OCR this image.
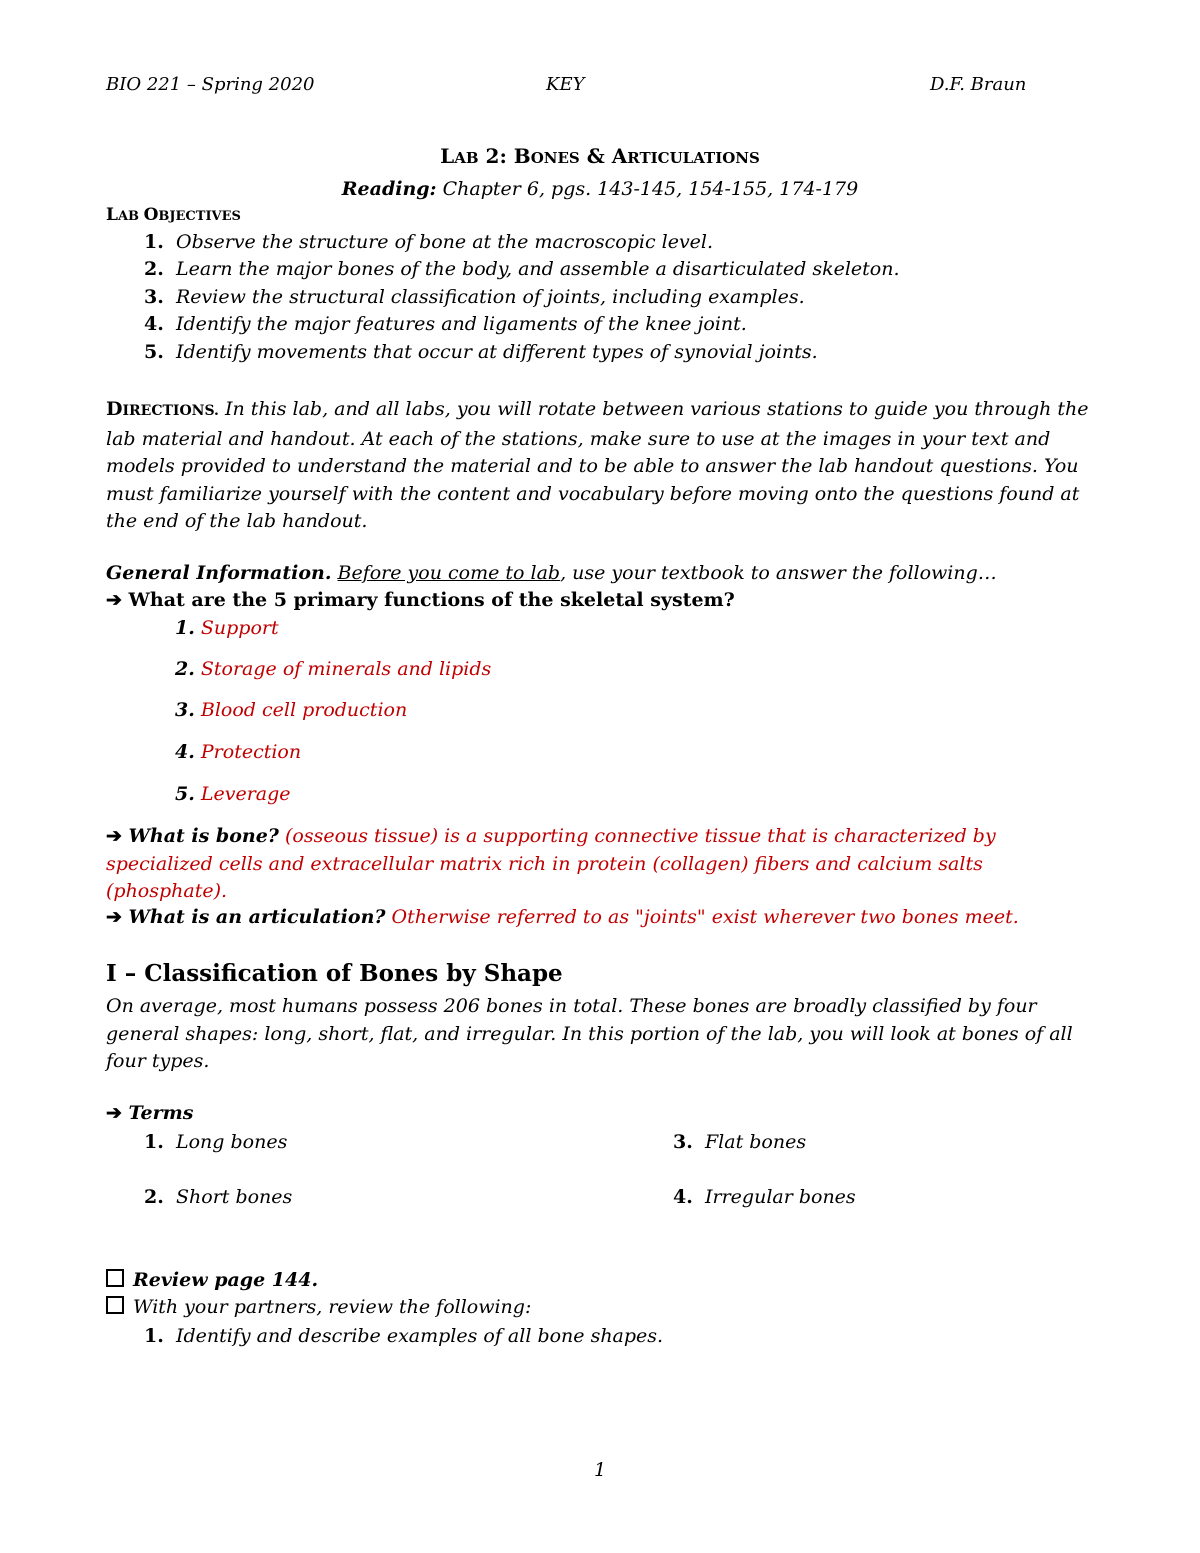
BIO 221 – Spring 2020	KEY	D.F. Braun
LAB 2: BONES & ARTICULATIONS
Reading: Chapter 6, pgs. 143-145, 154-155, 174-179
LAB OBJECTIVES
1. Observe the structure of bone at the macroscopic level.
2. Learn the major bones of the body, and assemble a disarticulated skeleton.
3. Review the structural classification of joints, including examples.
4. Identify the major features and ligaments of the knee joint.
5. Identify movements that occur at different types of synovial joints.
DIRECTIONS. In this lab, and all labs, you will rotate between various stations to guide you through the lab material and handout. At each of the stations, make sure to use at the images in your text and models provided to understand the material and to be able to answer the lab handout questions. You must familiarize yourself with the content and vocabulary before moving onto the questions found at the end of the lab handout.
General Information. Before you come to lab, use your textbook to answer the following…
➔ What are the 5 primary functions of the skeletal system?
1. Support
2. Storage of minerals and lipids
3. Blood cell production
4. Protection
5. Leverage
➔ What is bone? (osseous tissue) is a supporting connective tissue that is characterized by specialized cells and extracellular matrix rich in protein (collagen) fibers and calcium salts (phosphate).
➔ What is an articulation? Otherwise referred to as "joints" exist wherever two bones meet.
I – Classification of Bones by Shape
On average, most humans possess 206 bones in total. These bones are broadly classified by four general shapes: long, short, flat, and irregular. In this portion of the lab, you will look at bones of all four types.
➔ Terms
1. Long bones
2. Short bones
3. Flat bones
4. Irregular bones
Review page 144.
With your partners, review the following:
1. Identify and describe examples of all bone shapes.
1
